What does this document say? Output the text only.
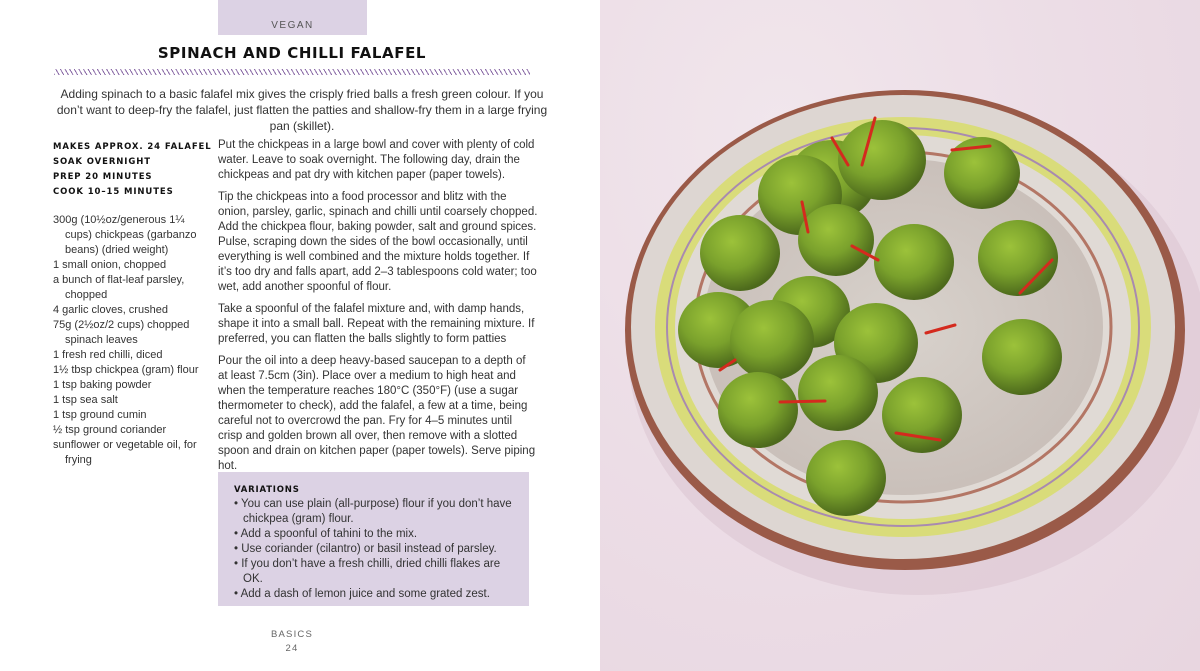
VEGAN
SPINACH AND CHILLI FALAFEL
Adding spinach to a basic falafel mix gives the crisply fried balls a fresh green colour. If you don’t want to deep-fry the falafel, just flatten the patties and shallow-fry them in a large frying pan (skillet).
MAKES APPROX. 24 FALAFEL
SOAK OVERNIGHT
PREP 20 MINUTES
COOK 10–15 MINUTES
300g (10½oz/generous 1¼ cups) chickpeas (garbanzo beans) (dried weight)
1 small onion, chopped
a bunch of flat-leaf parsley, chopped
4 garlic cloves, crushed
75g (2½oz/2 cups) chopped spinach leaves
1 fresh red chilli, diced
1½ tbsp chickpea (gram) flour
1 tsp baking powder
1 tsp sea salt
1 tsp ground cumin
½ tsp ground coriander
sunflower or vegetable oil, for frying

Put the chickpeas in a large bowl and cover with plenty of cold water. Leave to soak overnight. The following day, drain the chickpeas and pat dry with kitchen paper (paper towels).

Tip the chickpeas into a food processor and blitz with the onion, parsley, garlic, spinach and chilli until coarsely chopped. Add the chickpea flour, baking powder, salt and ground spices. Pulse, scraping down the sides of the bowl occasionally, until everything is well combined and the mixture holds together. If it’s too dry and falls apart, add 2–3 tablespoons cold water; too wet, add another spoonful of flour.

Take a spoonful of the falafel mixture and, with damp hands, shape it into a small ball. Repeat with the remaining mixture. If preferred, you can flatten the balls slightly to form patties

Pour the oil into a deep heavy-based saucepan to a depth of at least 7.5cm (3in). Place over a medium to high heat and when the temperature reaches 180°C (350°F) (use a sugar thermometer to check), add the falafel, a few at a time, being careful not to overcrowd the pan. Fry for 4–5 minutes until crisp and golden brown all over, then remove with a slotted spoon and drain on kitchen paper (paper towels). Serve piping hot.

VARIATIONS
• You can use plain (all-purpose) flour if you don’t have chickpea (gram) flour.
• Add a spoonful of tahini to the mix.
• Use coriander (cilantro) or basil instead of parsley.
• If you don’t have a fresh chilli, dried chilli flakes are OK.
• Add a dash of lemon juice and some grated zest.
BASICS
24
